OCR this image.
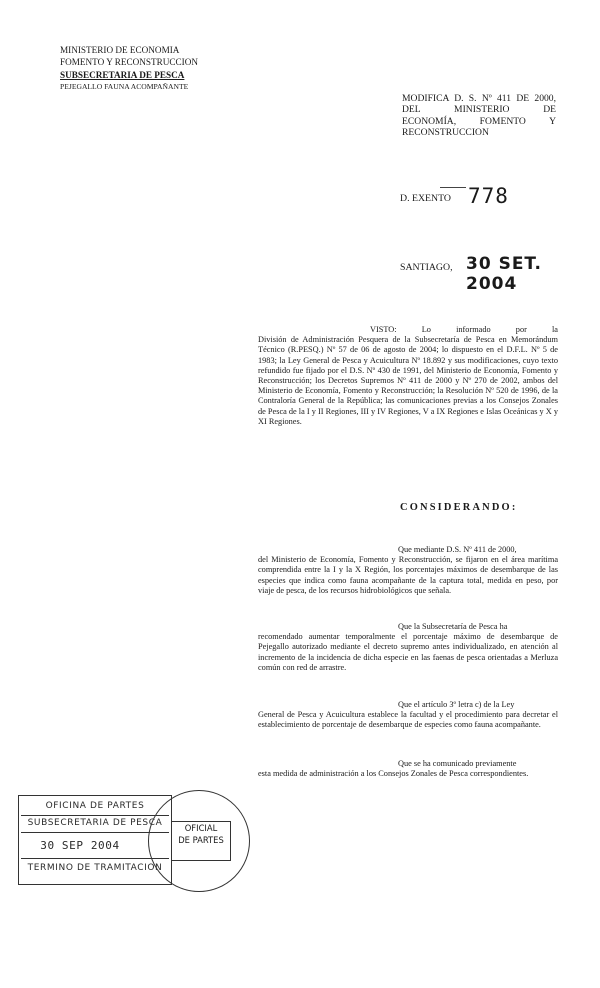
MINISTERIO DE ECONOMIA
FOMENTO Y RECONSTRUCCION
SUBSECRETARIA DE PESCA
PEJEGALLO FAUNA ACOMPAÑANTE
MODIFICA D. S. Nº 411 DE 2000,
DEL MINISTERIO DE
ECONOMÍA, FOMENTO Y
RECONSTRUCCION
D. EXENTO 778
SANTIAGO, 30 SET. 2004
VISTO: Lo informado por la
División de Administración Pesquera de la Subsecretaría de Pesca en Memorándum Técnico (R.PESQ.) Nº 57 de 06 de agosto de 2004; lo dispuesto en el D.F.L. Nº 5 de 1983; la Ley General de Pesca y Acuicultura Nº 18.892 y sus modificaciones, cuyo texto refundido fue fijado por el D.S. Nº 430 de 1991, del Ministerio de Economía, Fomento y Reconstrucción; los Decretos Supremos Nº 411 de 2000 y Nº 270 de 2002, ambos del Ministerio de Economía, Fomento y Reconstrucción; la Resolución Nº 520 de 1996, de la Contraloría General de la República; las comunicaciones previas a los Consejos Zonales de Pesca de la I y II Regiones, III y IV Regiones, V a IX Regiones e Islas Oceánicas y X y XI Regiones.
CONSIDERANDO:
Que mediante D.S. Nº 411 de 2000,
del Ministerio de Economía, Fomento y Reconstrucción, se fijaron en el área marítima comprendida entre la I y la X Región, los porcentajes máximos de desembarque de las especies que indica como fauna acompañante de la captura total, medida en peso, por viaje de pesca, de los recursos hidrobiológicos que señala.
Que la Subsecretaría de Pesca ha
recomendado aumentar temporalmente el porcentaje máximo de desembarque de Pejegallo autorizado mediante el decreto supremo antes individualizado, en atención al incremento de la incidencia de dicha especie en las faenas de pesca orientadas a Merluza común con red de arrastre.
Que el artículo 3º letra c) de la Ley
General de Pesca y Acuicultura establece la facultad y el procedimiento para decretar el establecimiento de porcentaje de desembarque de especies como fauna acompañante.
Que se ha comunicado previamente
esta medida de administración a los Consejos Zonales de Pesca correspondientes.
OFICINA DE PARTES
SUBSECRETARIA DE PESCA
30 SEP 2004
TERMINO DE TRAMITACION
OFICIAL
DE PARTES
